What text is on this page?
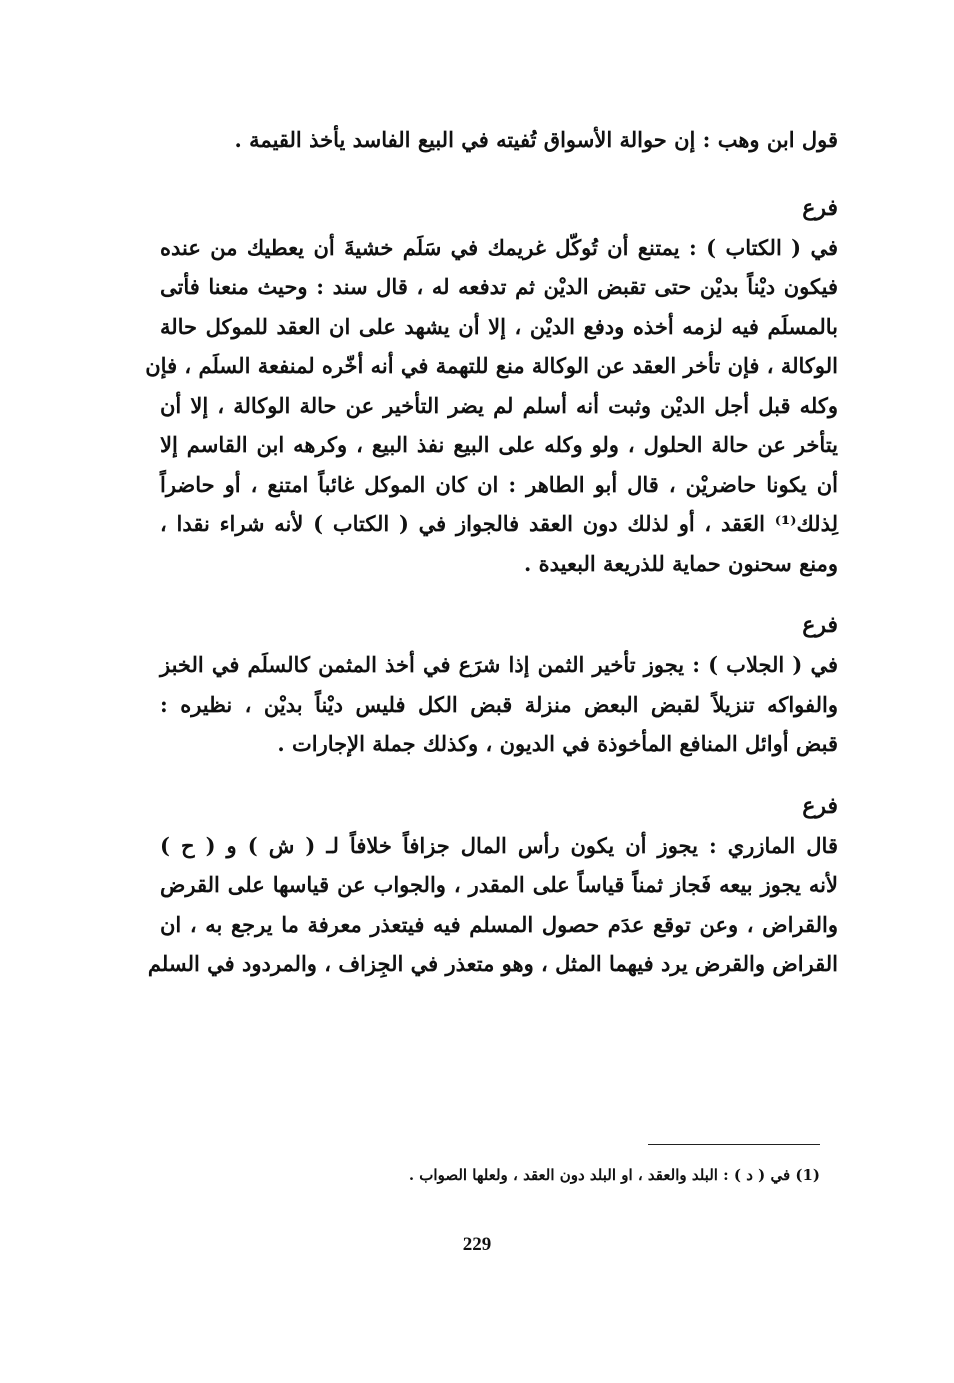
قول ابن وهب : إن حوالة الأسواق تُفيته في البيع الفاسد يأخذ القيمة .
فرع
في ( الكتاب ) : يمتنع أن تُوكّل غريمك في سَلَم خشيةَ أن يعطيك من عنده
فيكون ديْناً بديْن حتى تقبض الديْن ثم تدفعه له ، قال سند : وحيث منعنا فأتى
بالمسلَم فيه لزمه أخذه ودفع الديْن ، إلا أن يشهد على ان العقد للموكل حالة
الوكالة ، فإن تأخر العقد عن الوكالة منع للتهمة في أنه أخّره لمنفعة السلَم ، فإن
وكله قبل أجل الديْن وثبت أنه أسلم لم يضر التأخير عن حالة الوكالة ، إلا أن
يتأخر عن حالة الحلول ، ولو وكله على البيع نفذ البيع ، وكرهه ابن القاسم إلا
أن يكونا حاضريْن ، قال أبو الطاهر : ان كان الموكل غائباً امتنع ، أو حاضراً
لِذلك⁽¹⁾ العَقد ، أو لذلك دون العقد فالجواز في ( الكتاب ) لأنه شراء نقدا ،
ومنع سحنون حماية للذريعة البعيدة .
فرع
في ( الجلاب ) : يجوز تأخير الثمن إذا شرَع في أخذ المثمن كالسلَم في الخبز
والفواكه تنزيلاً لقبض البعض منزلة قبض الكل فليس ديْناً بديْن ، نظيره :
قبض أوائل المنافع المأخوذة في الديون ، وكذلك جملة الإجارات .
فرع
قال المازري : يجوز أن يكون رأس المال جزافاً خلافاً لـ ( ش ) و ( ح )
لأنه يجوز بيعه فَجاز ثمناً قياساً على المقدر ، والجواب عن قياسها على القرض
والقراض ، وعن توقع عدَم حصول المسلم فيه فيتعذر معرفة ما يرجع به ، ان
القراض والقرض يرد فيهما المثل ، وهو متعذر في الجِزاف ، والمردود في السلم
(1) في ( د ) : البلد والعقد ، او البلد دون العقد ، ولعلها الصواب .
229
